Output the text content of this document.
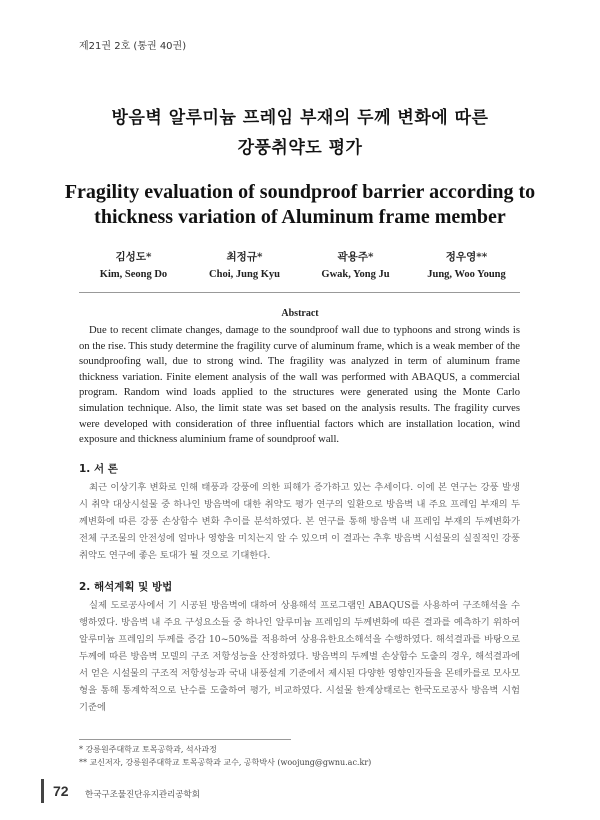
제21권 2호 (통권 40권)
방음벽 알루미늄 프레임 부재의 두께 변화에 따른
강풍취약도 평가
Fragility evaluation of soundproof barrier according to
thickness variation of Aluminum frame member
김성도*
Kim, Seong Do
최정규*
Choi, Jung Kyu
곽용주*
Gwak, Yong Ju
정우영**
Jung, Woo Young
Abstract

Due to recent climate changes, damage to the soundproof wall due to typhoons and strong winds is on the rise. This study determine the fragility curve of aluminum frame, which is a weak member of the soundproofing wall, due to strong wind. The fragility was analyzed in term of aluminum frame thickness variation. Finite element analysis of the wall was performed with ABAQUS, a commercial program. Random wind loads applied to the structures were generated using the Monte Carlo simulation technique. Also, the limit state was set based on the analysis results. The fragility curves were developed with consideration of three influential factors which are installation location, wind exposure and thickness aluminium frame of soundproof wall.

1. 서 론

최근 이상기후 변화로 인해 태풍과 강풍에 의한 피해가 증가하고 있는 추세이다. 이에 본 연구는 강풍 발생 시 취약 대상시설물 중 하나인 방음벽에 대한 취약도 평가 연구의 일환으로 방음벽 내 주요 프레임 부재의 두께변화에 따른 강풍 손상함수 변화 추이를 분석하였다. 본 연구를 통해 방음벽 내 프레임 부재의 두께변화가 전체 구조물의 안전성에 얼마나 영향을 미치는지 알 수 있으며 이 결과는 추후 방음벽 시설물의 실질적인 강풍 취약도 연구에 좋은 토대가 될 것으로 기대한다.

2. 해석계획 및 방법

실제 도로공사에서 기 시공된 방음벽에 대하여 상용해석 프로그램인 ABAQUS를 사용하여 구조해석을 수행하였다. 방음벽 내 주요 구성요소들 중 하나인 알루미늄 프레임의 두께변화에 따른 결과를 예측하기 위하여 알루미늄 프레임의 두께를 증감 10~50%를 적용하여 상용유한요소해석을 수행하였다. 해석결과를 바탕으로 두께에 따른 방음벽 모델의 구조 저항성능을 산정하였다. 방음벽의 두께별 손상함수 도출의 경우, 해석결과에서 얻은 시설물의 구조적 저항성능과 국내 내풍설계 기준에서 제시된 다양한 영향인자들을 몬테카를로 모사모형을 통해 통계학적으로 난수를 도출하여 평가, 비교하였다. 시설물 한계상태로는 한국도로공사 방음벽 시험기준에

* 강릉원주대학교 토목공학과, 석사과정
** 교신저자, 강릉원주대학교 토목공학과 교수, 공학박사 (woojung@gwnu.ac.kr)
72 한국구조물진단유지관리공학회
